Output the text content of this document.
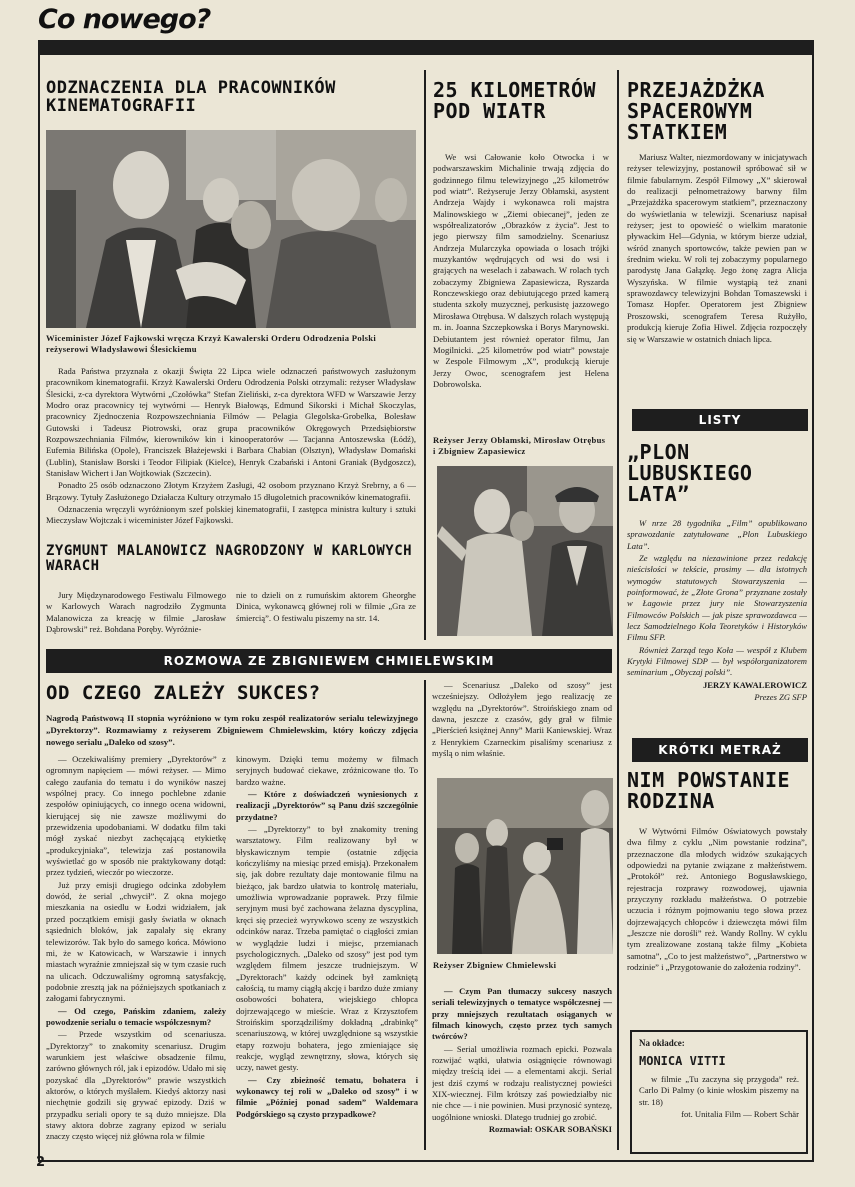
Co nowego?
ODZNACZENIA DLA PRACOWNIKÓW KINEMATOGRAFII
Wiceminister Józef Fajkowski wręcza Krzyż Kawalerski Orderu Odrodzenia Polski reżyserowi Władysławowi Ślesickiemu

Rada Państwa przyznała z okazji Święta 22 Lipca wiele odznaczeń państwowych zasłużonym pracownikom kinematografii. Krzyż Kawalerski Orderu Odrodzenia Polski otrzymali: reżyser Władysław Ślesicki, z-ca dyrektora Wytwórni „Czołówka” Stefan Zieliński, z-ca dyrektora WFD w Warszawie Jerzy Modro oraz pracownicy tej wytwórni — Henryk Białowąs, Edmund Sikorski i Michał Skoczylas, pracownicy Zjednoczenia Rozpowszechniania Filmów — Pelagia Glegolska-Grobelka, Bolesław Gutowski i Tadeusz Piotrowski, oraz grupa pracowników Okręgowych Przedsiębiorstw Rozpowszechniania Filmów, kierowników kin i kinooperatorów — Tacjanna Antoszewska (Łódź), Eufemia Bilińska (Opole), Franciszek Błażejewski i Barbara Chabian (Olsztyn), Władysław Domański (Lublin), Stanisław Borski i Teodor Filipiak (Kielce), Henryk Czabański i Antoni Graniak (Bydgoszcz), Stanisław Wichert i Jan Wojtkowiak (Szczecin).

Ponadto 25 osób odznaczono Złotym Krzyżem Zasługi, 42 osobom przyznano Krzyż Srebrny, a 6 — Brązowy. Tytuły Zasłużonego Działacza Kultury otrzymało 15 długoletnich pracowników kinematografii.

Odznaczenia wręczyli wyróżnionym szef polskiej kinematografii, I zastępca ministra kultury i sztuki Mieczysław Wojtczak i wiceminister Józef Fajkowski.

ZYGMUNT MALANOWICZ NAGRODZONY W KARLOWYCH WARACH

Jury Międzynarodowego Festiwalu Filmowego w Karlowych Warach nagrodziło Zygmunta Malanowicza za kreację w filmie „Jarosław Dąbrowski” reż. Bohdana Poręby. Wyróżnie-

nie to dzieli on z rumuńskim aktorem Gheorghe Dinica, wykonawcą głównej roli w filmie „Gra ze śmiercią”. O festiwalu piszemy na str. 14.

25 KILOMETRÓW POD WIATR

We wsi Całowanie koło Otwocka i w podwarszawskim Michalinie trwają zdjęcia do godzinnego filmu telewizyjnego „25 kilometrów pod wiatr”. Reżyseruje Jerzy Obłamski, asystent Andrzeja Wajdy i wykonawca roli majstra Malinowskiego w „Ziemi obiecanej”, jeden ze współrealizatorów „Obrazków z życia”. Jest to jego pierwszy film samodzielny. Scenariusz Andrzeja Mularczyka opowiada o losach trójki muzykantów wędrujących od wsi do wsi i grających na weselach i zabawach. W rolach tych zobaczymy Zbigniewa Zapasiewicza, Ryszarda Ronczewskiego oraz debiutującego przed kamerą studenta szkoły muzycznej, perkusistę jazzowego Mirosława Otrębusa. W dalszych rolach występują m. in. Joanna Szczepkowska i Borys Marynowski. Debiutantem jest również operator filmu, Jan Mogilnicki. „25 kilometrów pod wiatr” powstaje w Zespole Filmowym „X”, produkcją kieruje Jerzy Owoc, scenografem jest Helena Dobrowolska.

Reżyser Jerzy Obłamski, Mirosław Otrębus i Zbigniew Zapasiewicz
PRZEJAŻDŻKA SPACEROWYM STATKIEM

Mariusz Walter, niezmordowany w inicjatywach reżyser telewizyjny, postanowił spróbować sił w filmie fabularnym. Zespół Filmowy „X” skierował do realizacji pełnometrażowy barwny film „Przejażdżka spacerowym statkiem”, przeznaczony do wyświetlania w telewizji. Scenariusz napisał reżyser; jest to opowieść o wielkim maratonie pływackim Hel—Gdynia, w którym bierze udział, wśród znanych sportowców, także pewien pan w średnim wieku. W roli tej zobaczymy popularnego parodystę Jana Gałązkę. Jego żonę zagra Alicja Wyszyńska. W filmie wystąpią też znani sprawozdawcy telewizyjni Bohdan Tomaszewski i Tomasz Hopfer. Operatorem jest Zbigniew Proszowski, scenografem Teresa Rużyłło, produkcją kieruje Zofia Hiwel. Zdjęcia rozpoczęły się w Warszawie w ostatnich dniach lipca.

LISTY
„PLON LUBUSKIEGO LATA”

W nrze 28 tygodnika „Film” opublikowano sprawozdanie zatytułowane „Plon Lubuskiego Lata”.

Ze względu na niezawinione przez redakcję nieścisłości w tekście, prosimy — dla istotnych wymogów statutowych Stowarzyszenia — poinformować, że „Złote Grona” przyznane zostały w Łagowie przez jury nie Stowarzyszenia Filmowców Polskich — jak pisze sprawozdawca — lecz Samodzielnego Koła Teoretyków i Historyków Filmu SFP.

Również Zarząd tego Koła — wespół z Klubem Krytyki Filmowej SDP — był współorganizatorem seminarium „Obyczaj polski”.

JERZY KAWALEROWICZ

Prezes ZG SFP

KRÓTKI METRAŻ
NIM POWSTANIE RODZINA

W Wytwórni Filmów Oświatowych powstały dwa filmy z cyklu „Nim powstanie rodzina”, przeznaczone dla młodych widzów szukających odpowiedzi na pytanie związane z małżeństwem. „Protokół” reż. Antoniego Bogusławskiego, rejestracja rozprawy rozwodowej, ujawnia przyczyny rozkładu małżeństwa. O potrzebie uczucia i różnym pojmowaniu tego słowa przez dojrzewających chłopców i dziewczęta mówi film „Jeszcze nie dorośli” reż. Wandy Rollny. W cyklu tym zrealizowane zostaną także filmy „Kobieta samotna”, „Co to jest małżeństwo”, „Partnerstwo w rodzinie” i „Przygotowanie do założenia rodziny”.

Na okładce:
MONICA VITTI

w filmie „Tu zaczyna się przygoda” reż. Carlo Di Palmy (o kinie włoskim piszemy na str. 18)

fot. Unitalia Film — Robert Schär

ROZMOWA ZE ZBIGNIEWEM CHMIELEWSKIM
OD CZEGO ZALEŻY SUKCES?
Nagrodą Państwową II stopnia wyróżniono w tym roku zespół realizatorów serialu telewizyjnego „Dyrektorzy”. Rozmawiamy z reżyserem Zbigniewem Chmielewskim, który kończy zdjęcia nowego serialu „Daleko od szosy”.

— Oczekiwaliśmy premiery „Dyrektorów” z ogromnym napięciem — mówi reżyser. — Mimo całego zaufania do tematu i do wyników naszej wspólnej pracy. Co innego pochlebne zdanie zespołów opiniujących, co innego ocena widowni, kierującej się nie zawsze możliwymi do przewidzenia upodobaniami. W dodatku film taki mógł zyskać niezbyt zachęcającą etykietkę „produkcyjniaka”, telewizja zaś postanowiła wyświetlać go w sposób nie praktykowany dotąd: przez tydzień, wieczór po wieczorze.

Już przy emisji drugiego odcinka zdobyłem dowód, że serial „chwycił”. Z okna mojego mieszkania na osiedlu w Łodzi widziałem, jak przed początkiem emisji gasły światła w oknach sąsiednich bloków, jak zapalały się ekrany telewizorów. Tak było do samego końca. Mówiono mi, że w Katowicach, w Warszawie i innych miastach wyraźnie zmniejszał się w tym czasie ruch na ulicach. Odczuwaliśmy ogromną satysfakcję, podobnie zresztą jak na późniejszych spotkaniach z załogami fabrycznymi.

— Od czego, Pańskim zdaniem, zależy powodzenie serialu o temacie współczesnym?

— Przede wszystkim od scenariusza. „Dyrektorzy” to znakomity scenariusz. Drugim warunkiem jest właściwe obsadzenie filmu, zarówno głównych ról, jak i epizodów. Udało mi się pozyskać dla „Dyrektorów” prawie wszystkich aktorów, o których myślałem. Kiedyś aktorzy nasi niechętnie godzili się grywać epizody. Dziś w przypadku seriali opory te są dużo mniejsze. Dla stawy aktora dobrze zagrany epizod w serialu znaczy często więcej niż główna rola w filmie

kinowym. Dzięki temu możemy w filmach seryjnych budować ciekawe, zróżnicowane tło. To bardzo ważne.

— Które z doświadczeń wyniesionych z realizacji „Dyrektorów” są Panu dziś szczególnie przydatne?

— „Dyrektorzy” to był znakomity trening warsztatowy. Film realizowany był w błyskawicznym tempie (ostatnie zdjęcia kończyliśmy na miesiąc przed emisją). Przekonałem się, jak dobre rezultaty daje montowanie filmu na bieżąco, jak bardzo ułatwia to kontrolę materiału, umożliwia wprowadzanie poprawek. Przy filmie seryjnym musi być zachowana żelazna dyscyplina, kręci się przecież wyrywkowo sceny ze wszystkich odcinków naraz. Trzeba pamiętać o ciągłości zmian w wyglądzie ludzi i miejsc, przemianach psychologicznych. „Daleko od szosy” jest pod tym względem filmem jeszcze trudniejszym. W „Dyrektorach” każdy odcinek był zamkniętą całością, tu mamy ciągłą akcję i bardzo duże zmiany osobowości bohatera, wiejskiego chłopca dojrzewającego w mieście. Wraz z Krzysztofem Stroińskim sporządziliśmy dokładną „drabinkę” scenariuszową, w której uwzględnione są wszystkie etapy rozwoju bohatera, jego zmieniające się reakcje, wygląd zewnętrzny, słowa, których się uczy, nawet gesty.

— Czy zbieżność tematu, bohatera i wykonawcy tej roli w „Daleko od szosy” i w filmie „Później ponad sadem” Waldemara Podgórskiego są czysto przypadkowe?

— Scenariusz „Daleko od szosy” jest wcześniejszy. Odłożyłem jego realizację ze względu na „Dyrektorów”. Stroińskiego znam od dawna, jeszcze z czasów, gdy grał w filmie „Pierścień księżnej Anny” Marii Kaniewskiej. Wraz z Henrykiem Czarneckim pisaliśmy scenariusz z myślą o nim właśnie.

Reżyser Zbigniew Chmielewski

— Czym Pan tłumaczy sukcesy naszych seriali telewizyjnych o tematyce współczesnej — przy mniejszych rezultatach osiąganych w filmach kinowych, często przez tych samych twórców?

— Serial umożliwia rozmach epicki. Pozwala rozwijać wątki, ułatwia osiągnięcie równowagi między treścią idei — a elementami akcji. Serial jest dziś czymś w rodzaju realistycznej powieści XIX-wiecznej. Film krótszy zaś powiedziałby nic nie chce — i nie powinien. Musi przynosić syntezę, uogólnione wnioski. Dlatego trudniej go zrobić.

Rozmawiał: OSKAR SOBAŃSKI

2
